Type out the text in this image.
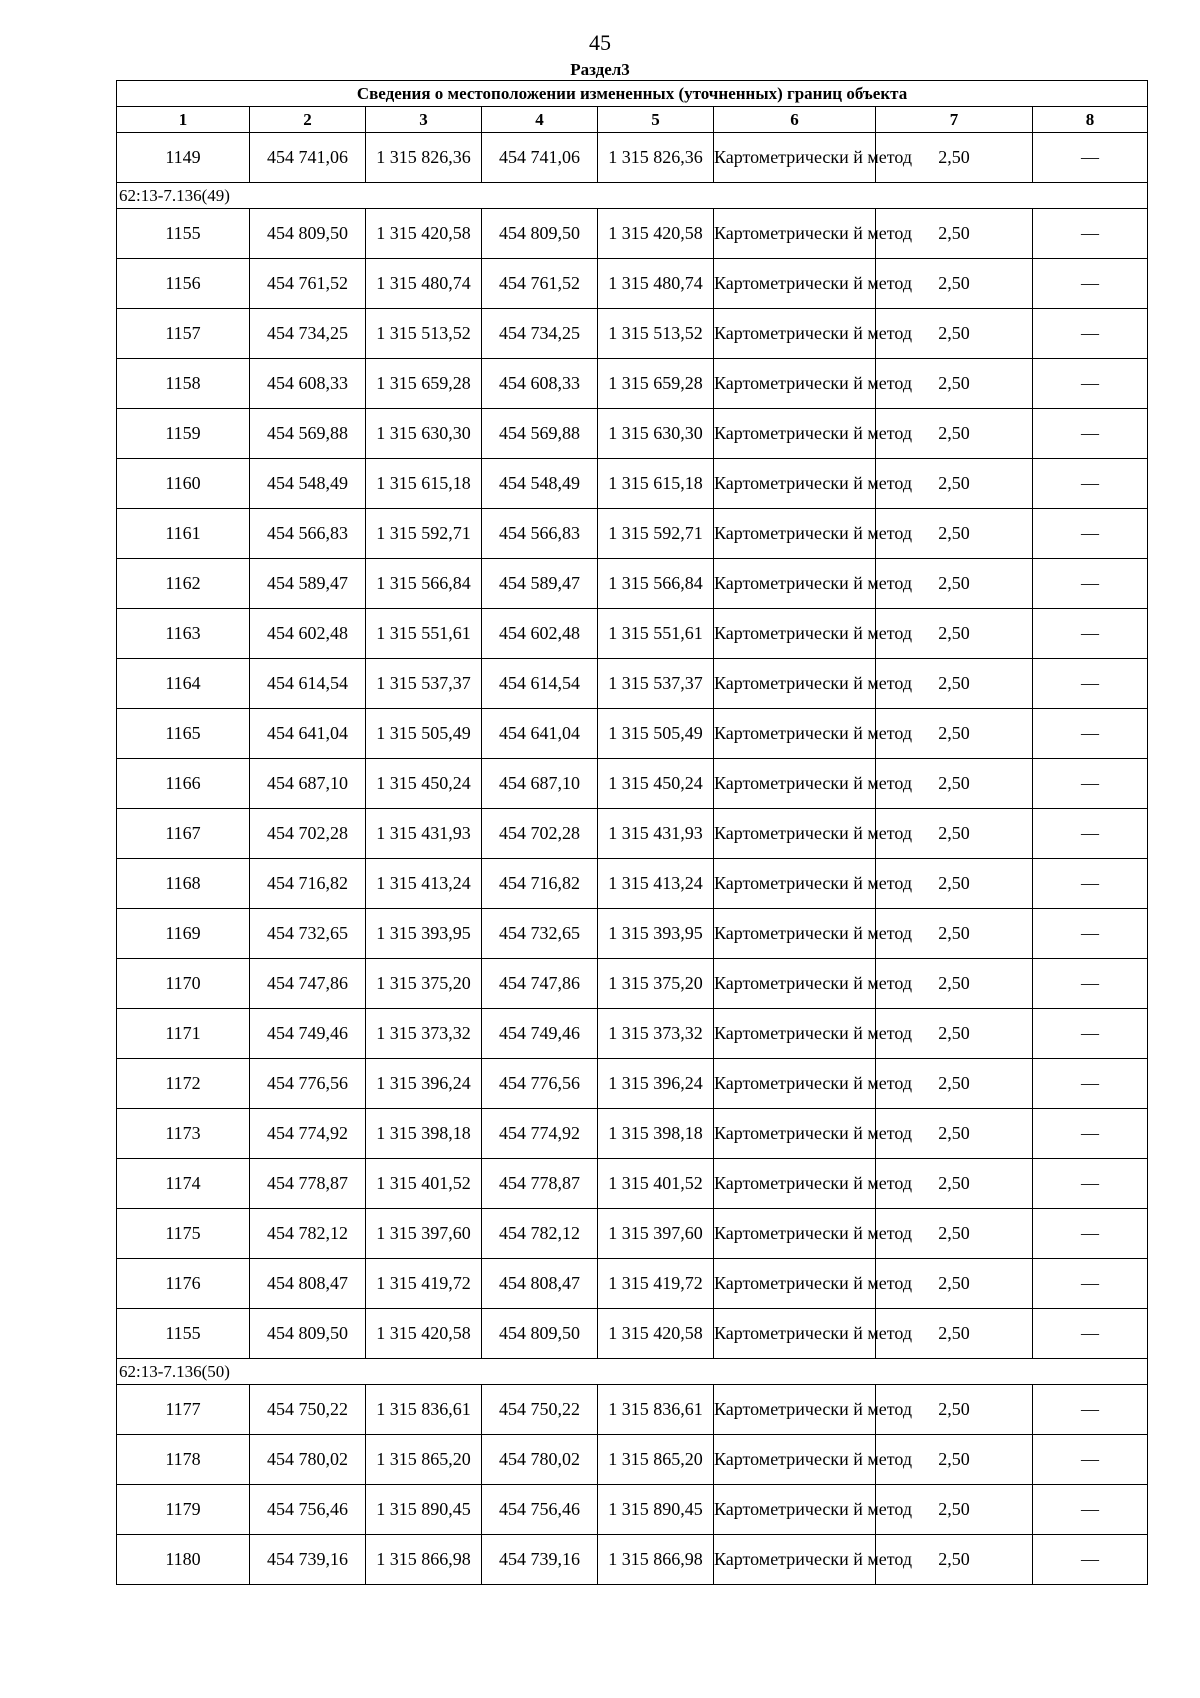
45
Раздел3
Сведения о местоположении измененных (уточненных) границ объекта							
1	2	3	4	5	6	7	8
1149	454 741,06	1 315 826,36	454 741,06	1 315 826,36	Картометрически й метод	2,50	—
62:13-7.136(49)							
1155	454 809,50	1 315 420,58	454 809,50	1 315 420,58	Картометрически й метод	2,50	—
1156	454 761,52	1 315 480,74	454 761,52	1 315 480,74	Картометрически й метод	2,50	—
1157	454 734,25	1 315 513,52	454 734,25	1 315 513,52	Картометрически й метод	2,50	—
1158	454 608,33	1 315 659,28	454 608,33	1 315 659,28	Картометрически й метод	2,50	—
1159	454 569,88	1 315 630,30	454 569,88	1 315 630,30	Картометрически й метод	2,50	—
1160	454 548,49	1 315 615,18	454 548,49	1 315 615,18	Картометрически й метод	2,50	—
1161	454 566,83	1 315 592,71	454 566,83	1 315 592,71	Картометрически й метод	2,50	—
1162	454 589,47	1 315 566,84	454 589,47	1 315 566,84	Картометрически й метод	2,50	—
1163	454 602,48	1 315 551,61	454 602,48	1 315 551,61	Картометрически й метод	2,50	—
1164	454 614,54	1 315 537,37	454 614,54	1 315 537,37	Картометрически й метод	2,50	—
1165	454 641,04	1 315 505,49	454 641,04	1 315 505,49	Картометрически й метод	2,50	—
1166	454 687,10	1 315 450,24	454 687,10	1 315 450,24	Картометрически й метод	2,50	—
1167	454 702,28	1 315 431,93	454 702,28	1 315 431,93	Картометрически й метод	2,50	—
1168	454 716,82	1 315 413,24	454 716,82	1 315 413,24	Картометрически й метод	2,50	—
1169	454 732,65	1 315 393,95	454 732,65	1 315 393,95	Картометрически й метод	2,50	—
1170	454 747,86	1 315 375,20	454 747,86	1 315 375,20	Картометрически й метод	2,50	—
1171	454 749,46	1 315 373,32	454 749,46	1 315 373,32	Картометрически й метод	2,50	—
1172	454 776,56	1 315 396,24	454 776,56	1 315 396,24	Картометрически й метод	2,50	—
1173	454 774,92	1 315 398,18	454 774,92	1 315 398,18	Картометрически й метод	2,50	—
1174	454 778,87	1 315 401,52	454 778,87	1 315 401,52	Картометрически й метод	2,50	—
1175	454 782,12	1 315 397,60	454 782,12	1 315 397,60	Картометрически й метод	2,50	—
1176	454 808,47	1 315 419,72	454 808,47	1 315 419,72	Картометрически й метод	2,50	—
1155	454 809,50	1 315 420,58	454 809,50	1 315 420,58	Картометрически й метод	2,50	—
62:13-7.136(50)							
1177	454 750,22	1 315 836,61	454 750,22	1 315 836,61	Картометрически й метод	2,50	—
1178	454 780,02	1 315 865,20	454 780,02	1 315 865,20	Картометрически й метод	2,50	—
1179	454 756,46	1 315 890,45	454 756,46	1 315 890,45	Картометрически й метод	2,50	—
1180	454 739,16	1 315 866,98	454 739,16	1 315 866,98	Картометрически й метод	2,50	—
